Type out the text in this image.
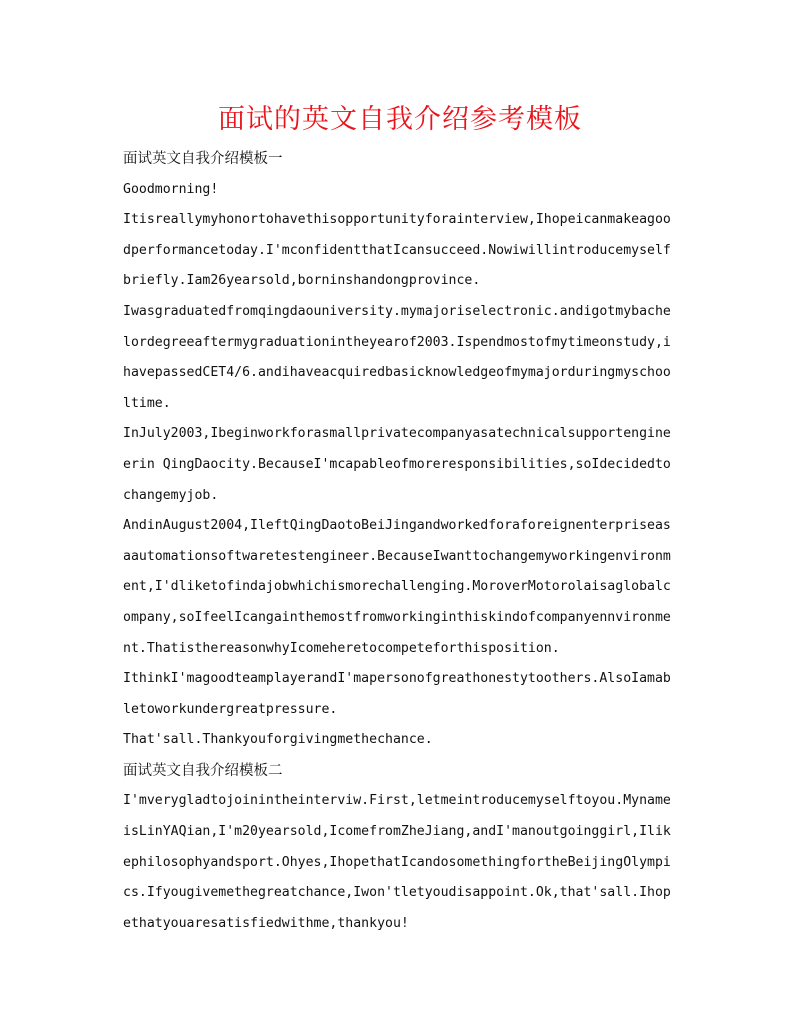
面试的英文自我介绍参考模板

面试英文自我介绍模板一

Goodmorning!

Itisreallymyhonortohavethisopportunityforainterview,Ihopeicanmakeagoodperformancetoday.I'mconfidentthatIcansucceed.Nowiwillintroducemyselfbriefly.Iam26yearsold,borninshandongprovince.

Iwasgraduatedfromqingdaouniversity.mymajoriselectronic.andigotmybachelordegreeaftermygraduationintheyearof2003.Ispendmostofmytimeonstudy,ihavepassedCET4/6.andihaveacquiredbasicknowledgeofmymajorduringmyschooltime.

InJuly2003,Ibeginworkforasmallprivatecompanyasatechnicalsupportengineerin QingDaocity.BecauseI'mcapableofmoreresponsibilities,soIdecidedtochangemyjob.

AndinAugust2004,IleftQingDaotoBeiJingandworkedforaforeignenterpriseasaautomationsoftwaretestengineer.BecauseIwanttochangemyworkingenvironment,I'dliketofindajobwhichismorechallenging.MoroverMotorolaisaglobalcompany,soIfeelIcangainthemostfromworkinginthiskindofcompanyennvironment.ThatisthereasonwhyIcomeheretocompeteforthisposition.

IthinkI'magoodteamplayerandI'mapersonofgreathonestytoothers.AlsoIamabletoworkundergreatpressure.

That'sall.Thankyouforgivingmethechance.

面试英文自我介绍模板二

I'mverygladtojoinintheinterviw.First,letmeintroducemyselftoyou.MynameisLinYAQian,I'm20yearsold,IcomefromZheJiang,andI'manoutgoinggirl,Ilikephilosophyandsport.Ohyes,IhopethatIcandosomethingfortheBeijingOlympics.Ifyougivemethegreatchance,Iwon'tletyoudisappoint.Ok,that'sall.Ihopethatyouaresatisfiedwithme,thankyou!
